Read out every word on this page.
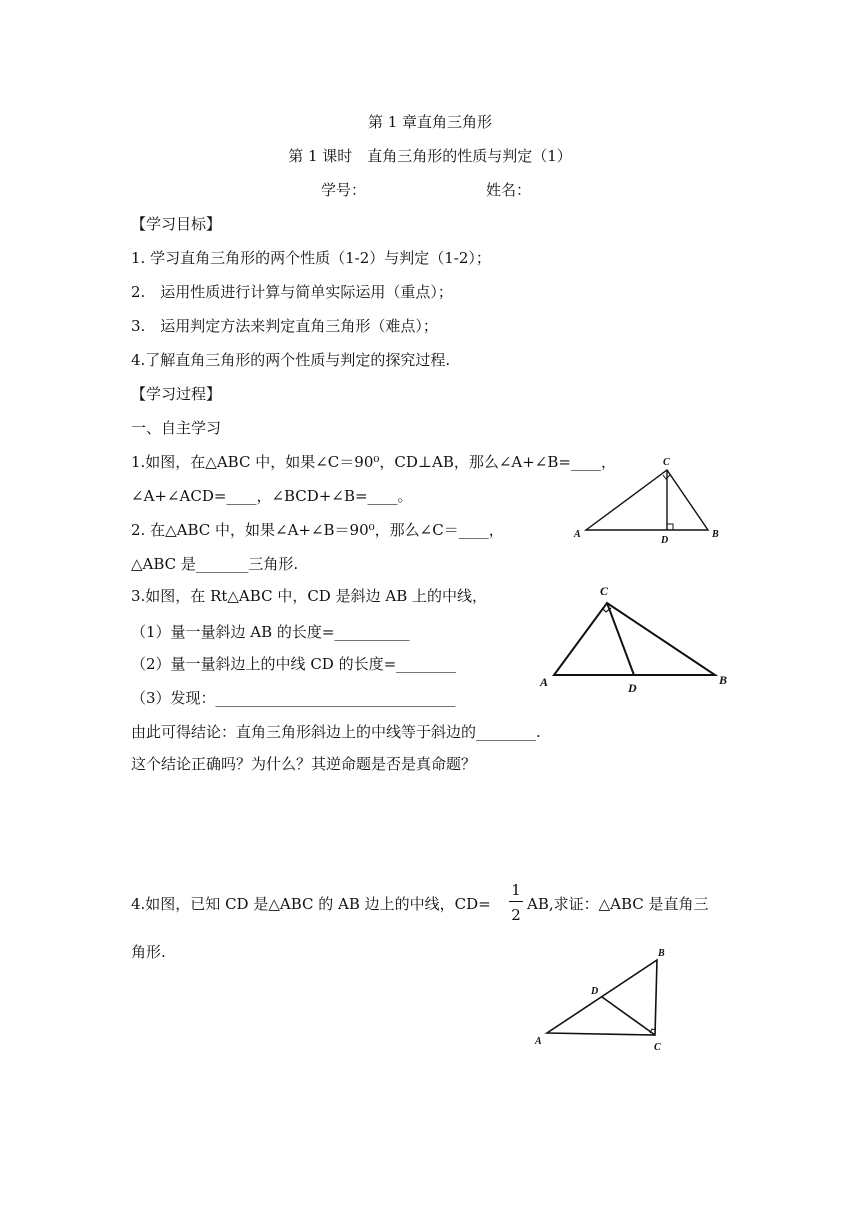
第 1 章直角三角形
第 1 课时　直角三角形的性质与判定（1）
学号：	姓名：
【学习目标】
1. 学习直角三角形的两个性质（1-2）与判定（1-2）；
2.　运用性质进行计算与简单实际运用（重点）；
3.　运用判定方法来判定直角三角形（难点）；
4.了解直角三角形的两个性质与判定的探究过程.
【学习过程】
一、自主学习
1.如图，在△ABC 中，如果∠C＝90⁰，CD⊥AB，那么∠A+∠B=____，
∠A+∠ACD=____，∠BCD+∠B=____。
2. 在△ABC 中，如果∠A+∠B＝90⁰，那么∠C＝____，
△ABC 是_______三角形.
3.如图，在 Rt△ABC 中，CD 是斜边 AB 上的中线，
（1）量一量斜边 AB 的长度=__________
（2）量一量斜边上的中线 CD 的长度=________
（3）发现：________________________________
由此可得结论：直角三角形斜边上的中线等于斜边的________.
这个结论正确吗？为什么？其逆命题是否是真命题？
4.如图，已知 CD 是△ABC 的 AB 边上的中线，CD=
1
2
AB,求证：△ABC 是直角三
角形.
A	B
C
D
A	B
C
D
A
B
C
D
